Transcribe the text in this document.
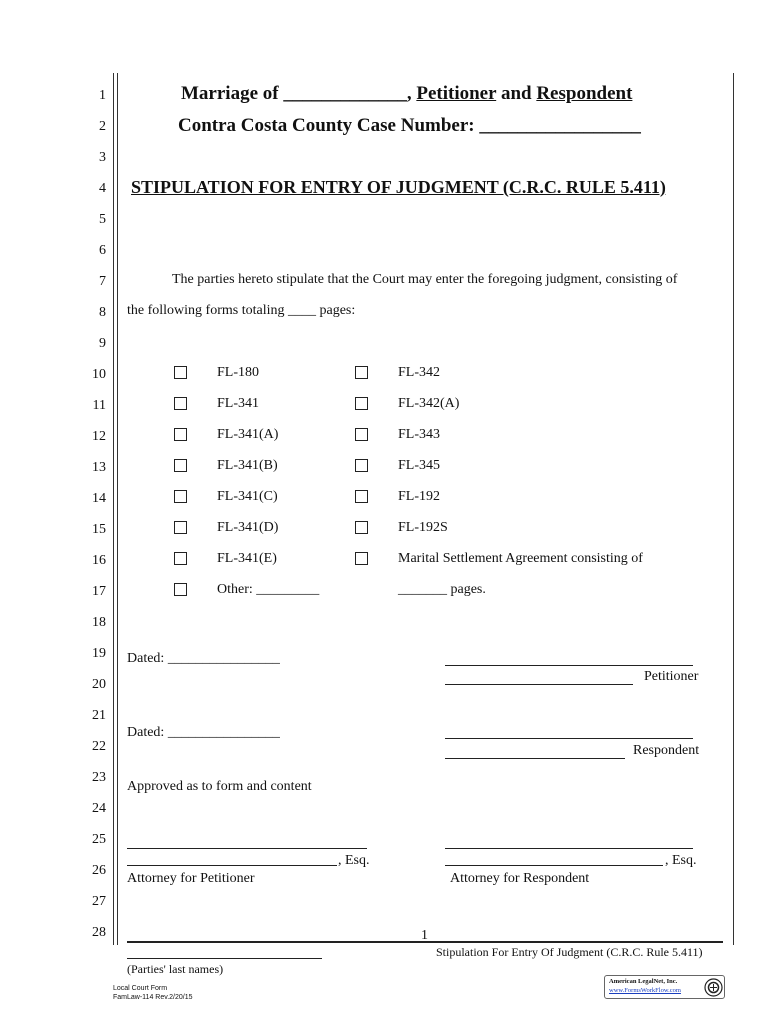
1
2
3
4
5
6
7
8
9
10
11
12
13
14
15
16
17
18
19
20
21
22
23
24
25
26
27
28
Marriage of _____________, Petitioner and Respondent
Contra Costa County Case Number: _________________
STIPULATION FOR ENTRY OF JUDGMENT (C.R.C. RULE 5.411)
The parties hereto stipulate that the Court may enter the foregoing judgment, consisting of
the following forms totaling ____ pages:
FL-180
FL-341
FL-341(A)
FL-341(B)
FL-341(C)
FL-341(D)
FL-341(E)
Other: _________
FL-342
FL-342(A)
FL-343
FL-345
FL-192
FL-192S
Marital Settlement Agreement consisting of
_______ pages.
Dated: ________________
Petitioner
Dated: ________________
Respondent
Approved as to form and content
, Esq.
Attorney for Petitioner
, Esq.
Attorney for Respondent
1
Stipulation For Entry Of Judgment (C.R.C. Rule 5.411)
(Parties' last names)
Local Court Form
FamLaw-114 Rev.2/20/15
American LegalNet, Inc.
www.FormsWorkFlow.com
